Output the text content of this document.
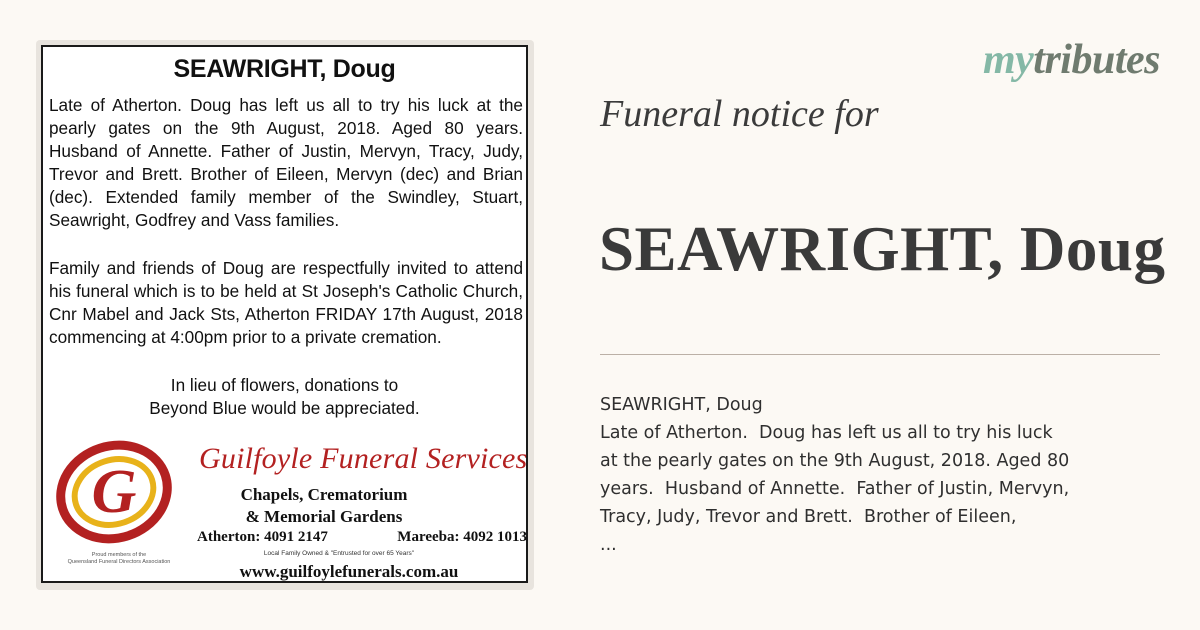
SEAWRIGHT, Doug
Late of Atherton. Doug has left us all to try his luck at the pearly gates on the 9th August, 2018. Aged 80 years. Husband of Annette. Father of Justin, Mervyn, Tracy, Judy, Trevor and Brett. Brother of Eileen, Mervyn (dec) and Brian (dec). Extended family member of the Swindley, Stuart, Seawright, Godfrey and Vass families.
Family and friends of Doug are respectfully invited to attend his funeral which is to be held at St Joseph's Catholic Church, Cnr Mabel and Jack Sts, Atherton FRIDAY 17th August, 2018 commencing at 4:00pm prior to a private cremation.
In lieu of flowers, donations to
Beyond Blue would be appreciated.
G
Proud members of the
Queensland Funeral Directors Association
Guilfoyle Funeral Services
Chapels, Crematorium
& Memorial Gardens
Atherton: 4091 2147	Mareeba: 4092 1013
Local Family Owned & "Entrusted for over 65 Years"
www.guilfoylefunerals.com.au
mytributes
Funeral notice for
SEAWRIGHT, Doug
SEAWRIGHT, Doug
Late of Atherton.  Doug has left us all to try his luck
at the pearly gates on the 9th August, 2018. Aged 80
years.  Husband of Annette.  Father of Justin, Mervyn,
Tracy, Judy, Trevor and Brett.  Brother of Eileen,
...
